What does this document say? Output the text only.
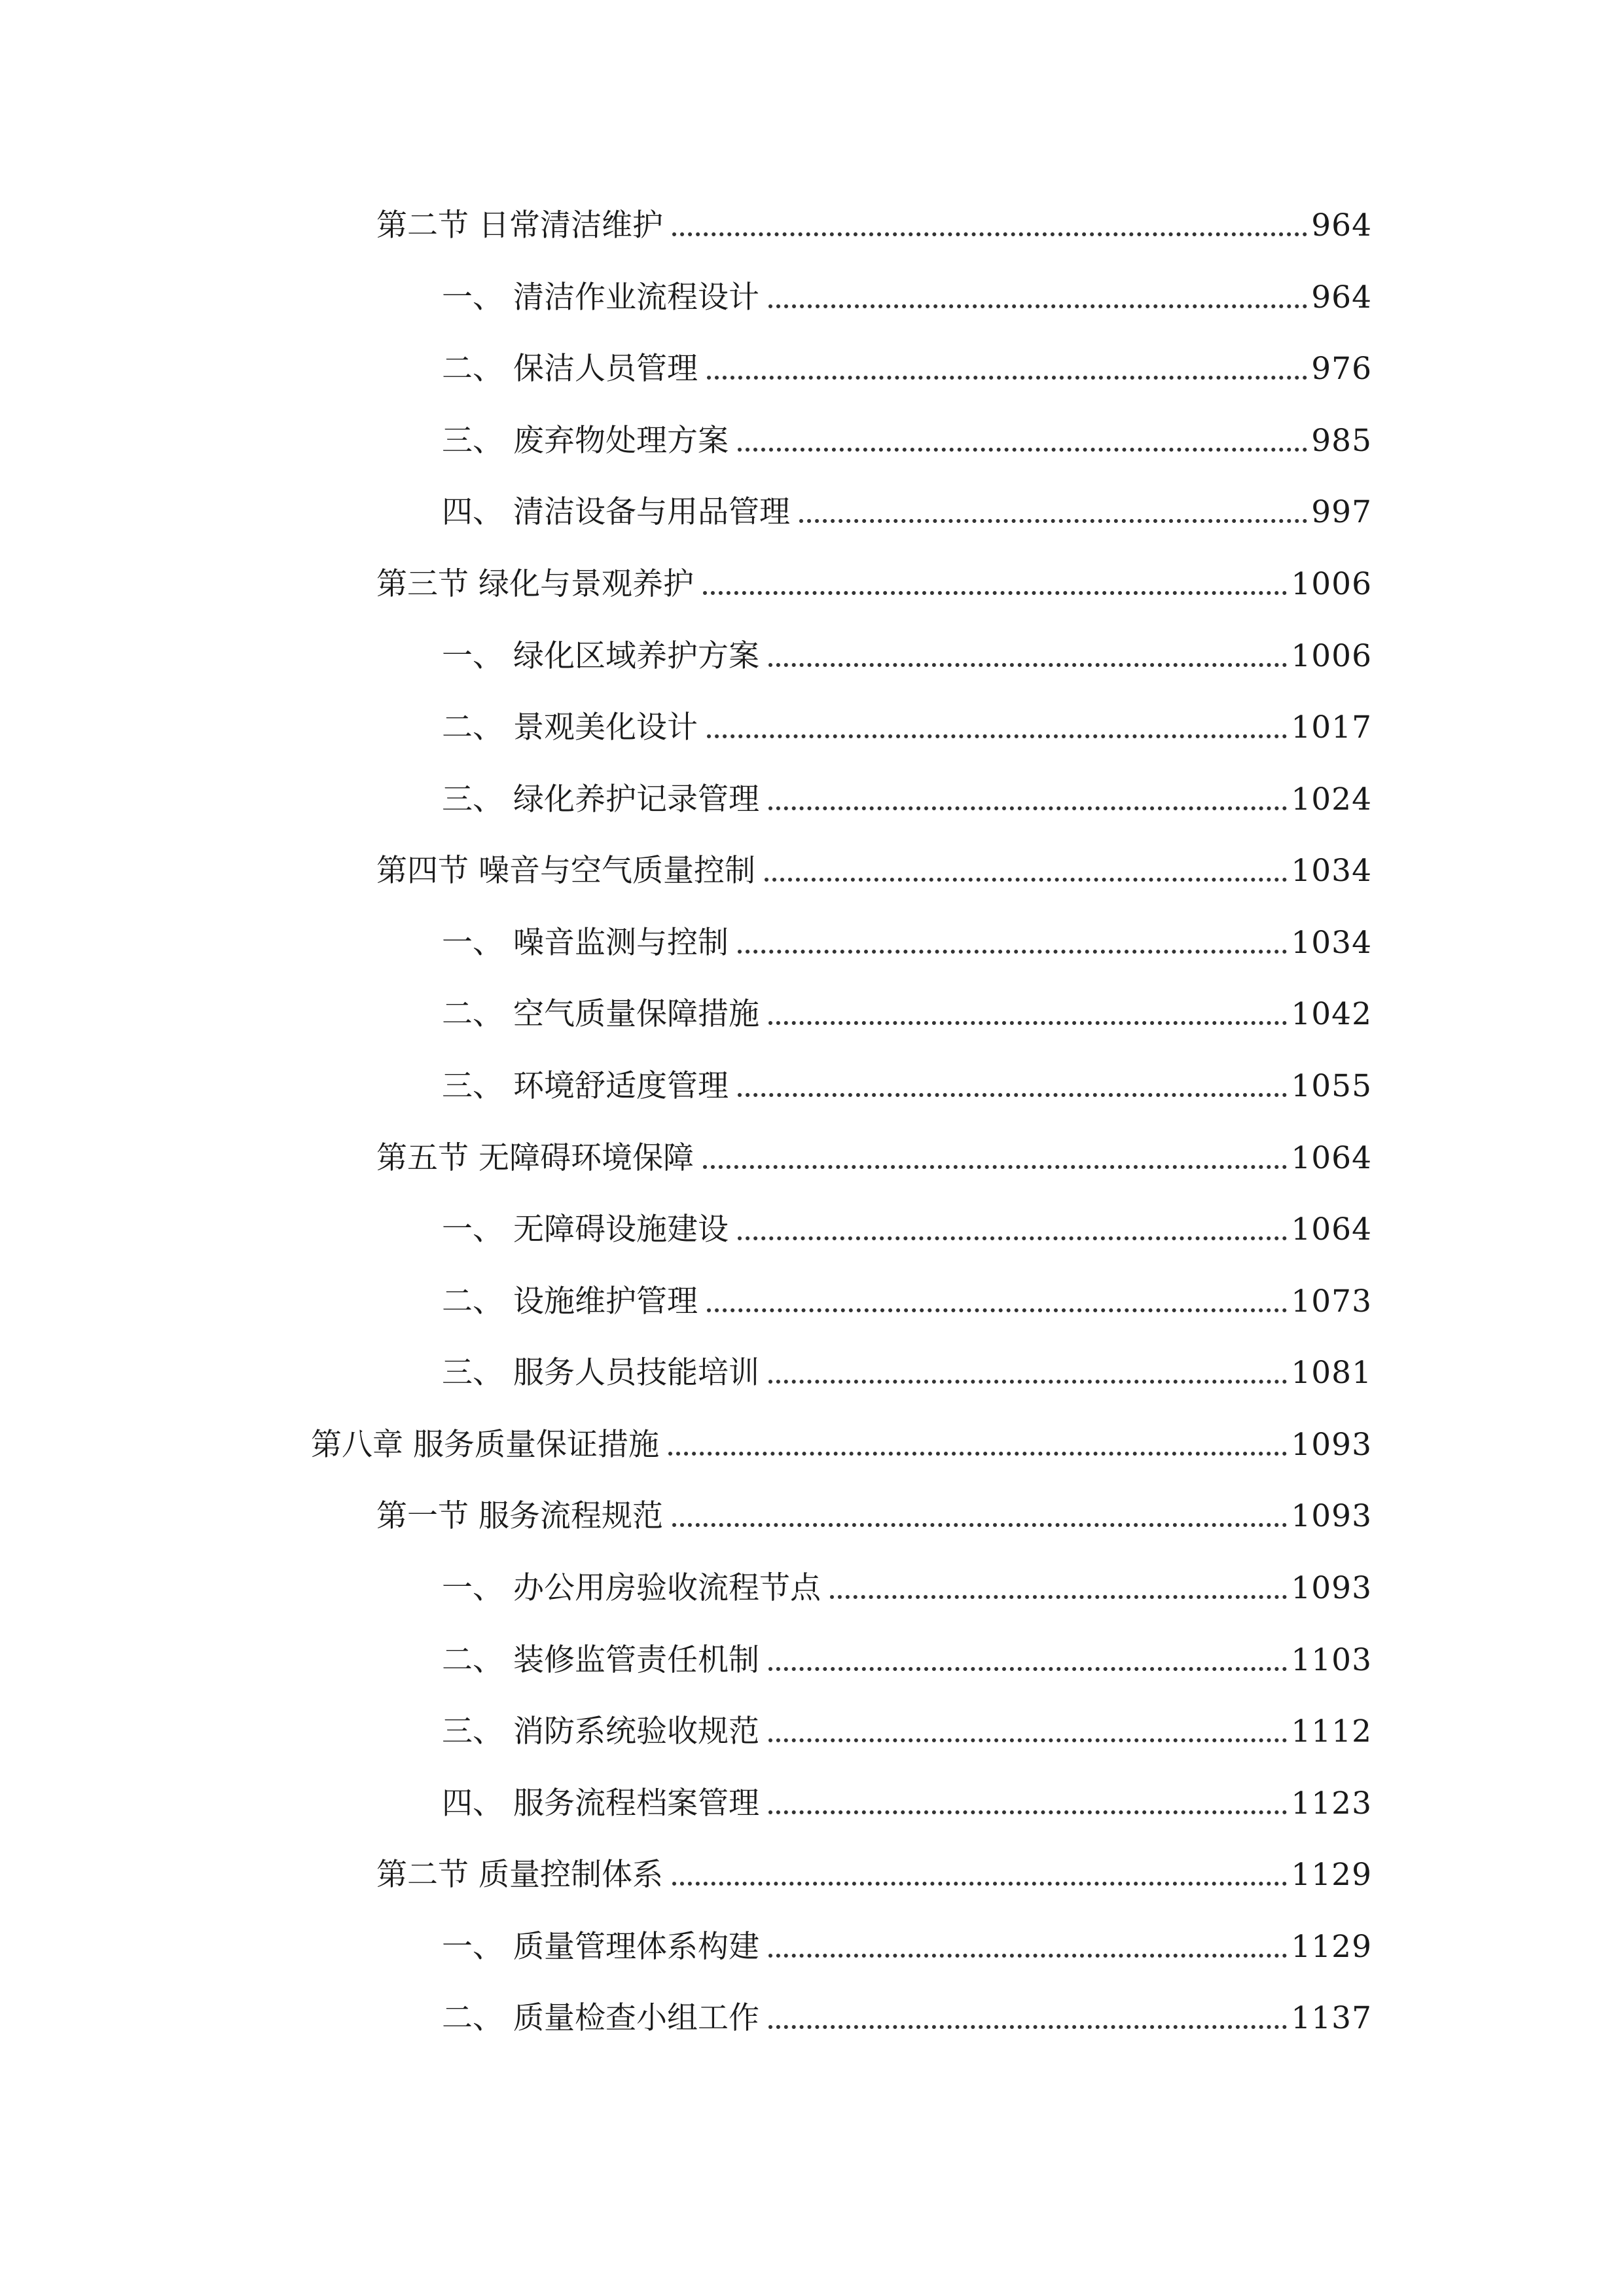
第二节 日常清洁维护	964
一、 清洁作业流程设计	964
二、 保洁人员管理	976
三、 废弃物处理方案	985
四、 清洁设备与用品管理	997
第三节 绿化与景观养护	1006
一、 绿化区域养护方案	1006
二、 景观美化设计	1017
三、 绿化养护记录管理	1024
第四节 噪音与空气质量控制	1034
一、 噪音监测与控制	1034
二、 空气质量保障措施	1042
三、 环境舒适度管理	1055
第五节 无障碍环境保障	1064
一、 无障碍设施建设	1064
二、 设施维护管理	1073
三、 服务人员技能培训	1081
第八章 服务质量保证措施	1093
第一节 服务流程规范	1093
一、 办公用房验收流程节点	1093
二、 装修监管责任机制	1103
三、 消防系统验收规范	1112
四、 服务流程档案管理	1123
第二节 质量控制体系	1129
一、 质量管理体系构建	1129
二、 质量检查小组工作	1137
